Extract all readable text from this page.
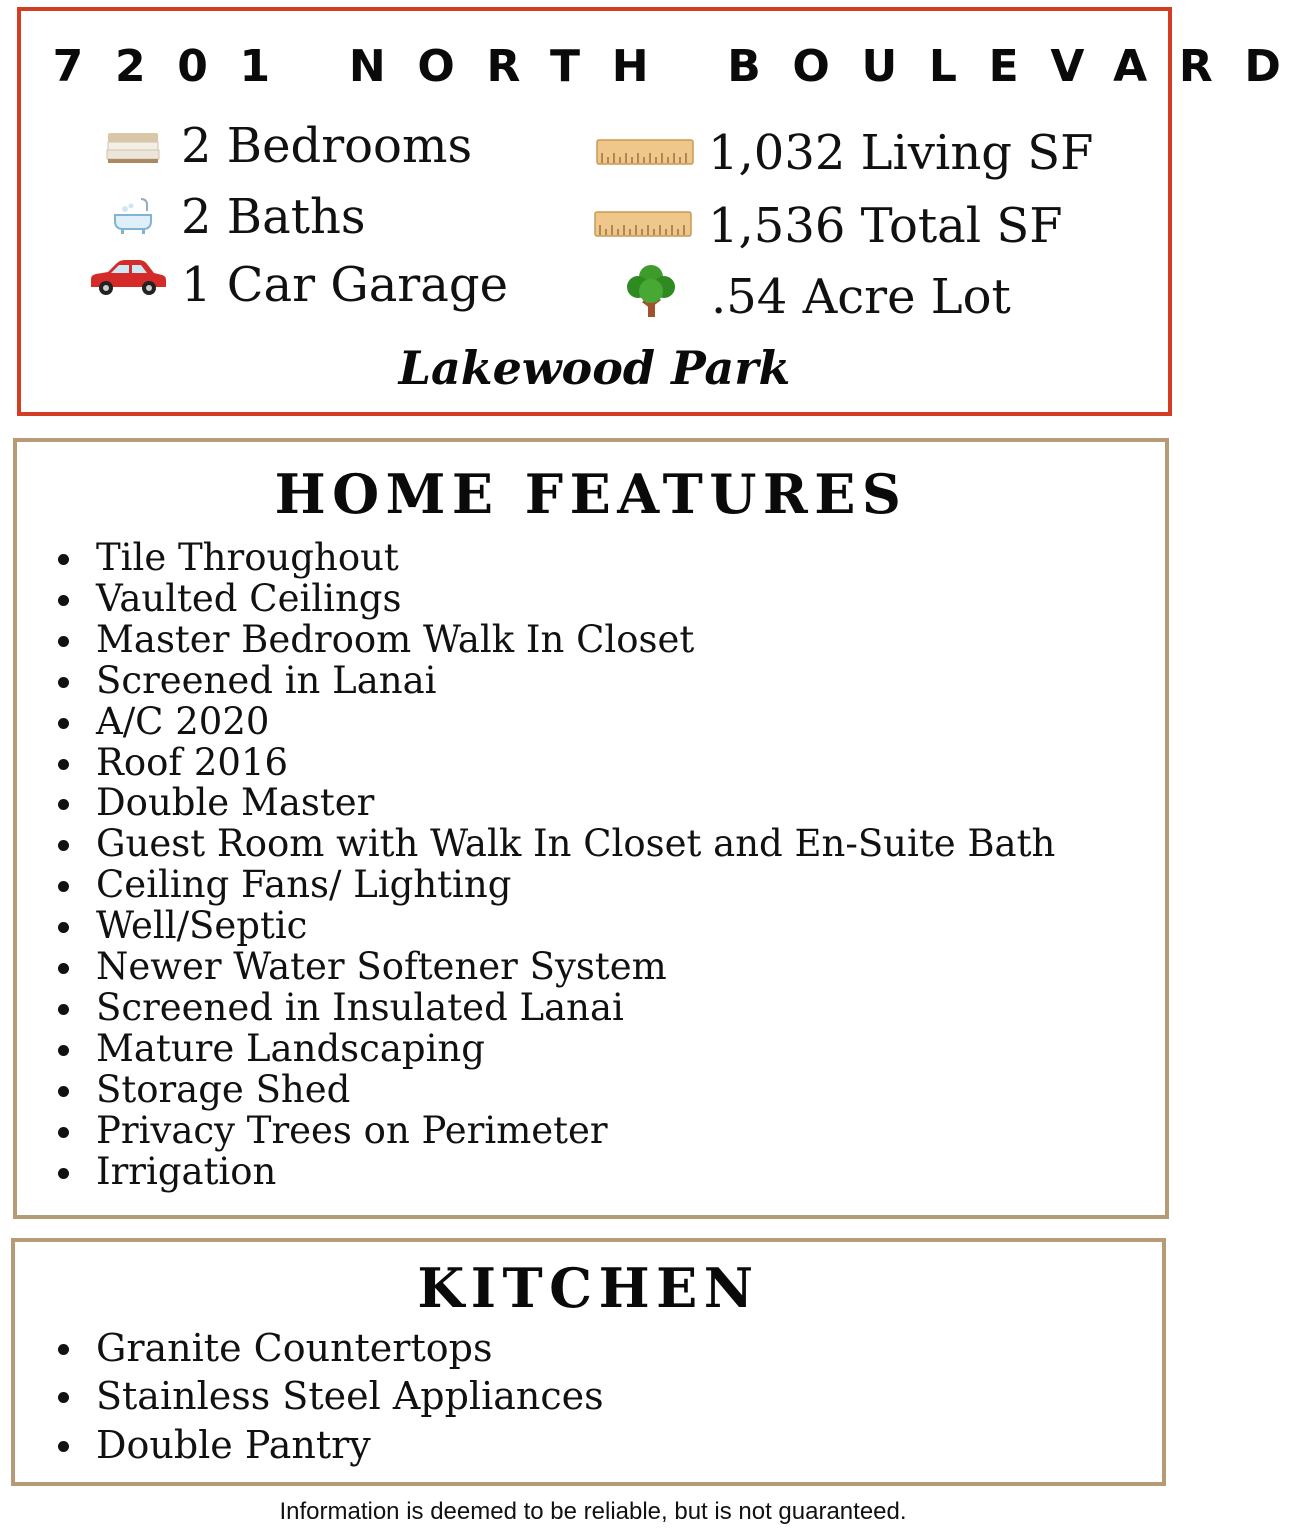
7201 NORTH BOULEVARD
2 Bedrooms
2 Baths
1 Car Garage
1,032 Living SF
1,536 Total SF
.54 Acre Lot
Lakewood Park
HOME FEATURES
Tile Throughout
Vaulted Ceilings
Master Bedroom Walk In Closet
Screened in Lanai
A/C 2020
Roof 2016
Double Master
Guest Room with Walk In Closet and En-Suite Bath
Ceiling Fans/ Lighting
Well/Septic
Newer Water Softener System
Screened in Insulated Lanai
Mature Landscaping
Storage Shed
Privacy Trees on Perimeter
Irrigation
KITCHEN
Granite Countertops
Stainless Steel Appliances
Double Pantry
Information is deemed to be reliable, but is not guaranteed.
